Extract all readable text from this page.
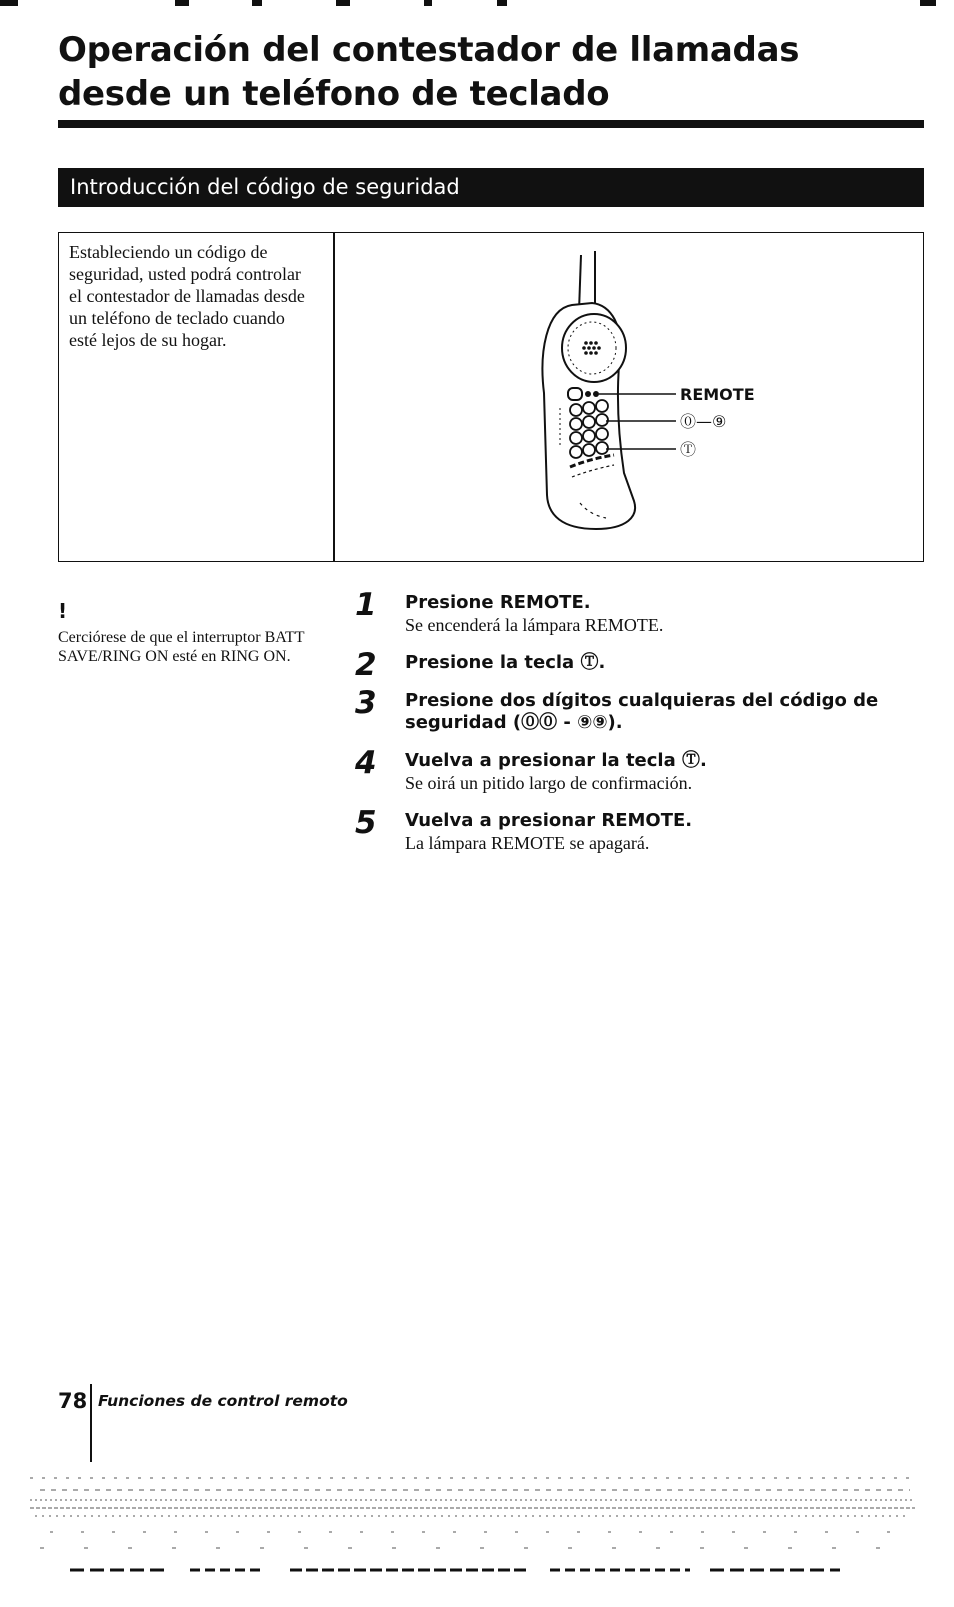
Operación del contestador de llamadas
desde un teléfono de teclado
Introducción del código de seguridad

Estableciendo un código de seguridad, usted podrá controlar el contestador de llamadas desde un teléfono de teclado cuando esté lejos de su hogar.

REMOTE
⓪—⑨
Ⓣ
!

Cerciórese de que el interruptor BATT SAVE/RING ON esté en RING ON.

1 Presione REMOTE.
Se encenderá la lámpara REMOTE.
2 Presione la tecla Ⓣ.
3 Presione dos dígitos cualquieras del código de seguridad (⓪⓪ - ⑨⑨).
4 Vuelva a presionar la tecla Ⓣ.
Se oirá un pitido largo de confirmación.
5 Vuelva a presionar REMOTE.
La lámpara REMOTE se apagará.
78 Funciones de control remoto
